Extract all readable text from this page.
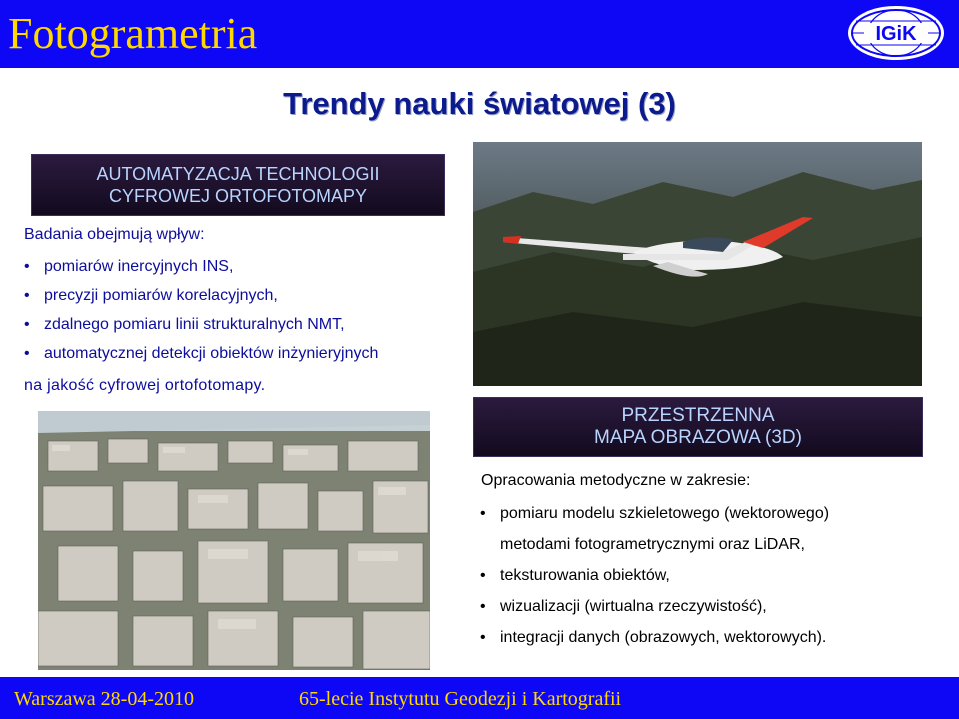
Fotogrametria	IGiK
Trendy nauki światowej (3)
AUTOMATYZACJA TECHNOLOGII
CYFROWEJ ORTOFOTOMAPY
Badania obejmują wpływ:
• pomiarów inercyjnych INS,
• precyzji pomiarów korelacyjnych,
• zdalnego pomiaru linii strukturalnych NMT,
• automatycznej detekcji obiektów inżynieryjnych
na jakość cyfrowej ortofotomapy.
PRZESTRZENNA
MAPA OBRAZOWA (3D)
Opracowania metodyczne w zakresie:
• pomiaru modelu szkieletowego (wektorowego)
metodami fotogrametrycznymi oraz LiDAR,
• teksturowania obiektów,
• wizualizacji (wirtualna rzeczywistość),
• integracji danych (obrazowych, wektorowych).
Warszawa 28-04-2010	65-lecie Instytutu Geodezji i Kartografii
